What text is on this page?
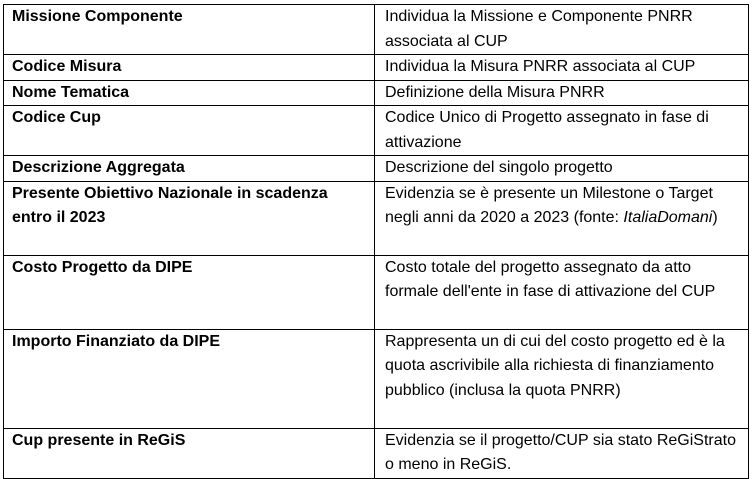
Missione Componente	Individua la Missione e Componente PNRR associata al CUP
Codice Misura	Individua la Misura PNRR associata al CUP
Nome Tematica	Definizione della Misura PNRR
Codice Cup	Codice Unico di Progetto assegnato in fase di attivazione
Descrizione Aggregata	Descrizione del singolo progetto
Presente Obiettivo Nazionale in scadenza entro il 2023	Evidenzia se è presente un Milestone o Target negli anni da 2020 a 2023 (fonte: ItaliaDomani)
Costo Progetto da DIPE	Costo totale del progetto assegnato da atto formale dell'ente in fase di attivazione del CUP
Importo Finanziato da DIPE	Rappresenta un di cui del costo progetto ed è la quota ascrivibile alla richiesta di finanziamento pubblico (inclusa la quota PNRR)
Cup presente in ReGiS	Evidenzia se il progetto/CUP sia stato ReGiStrato o meno in ReGiS.
